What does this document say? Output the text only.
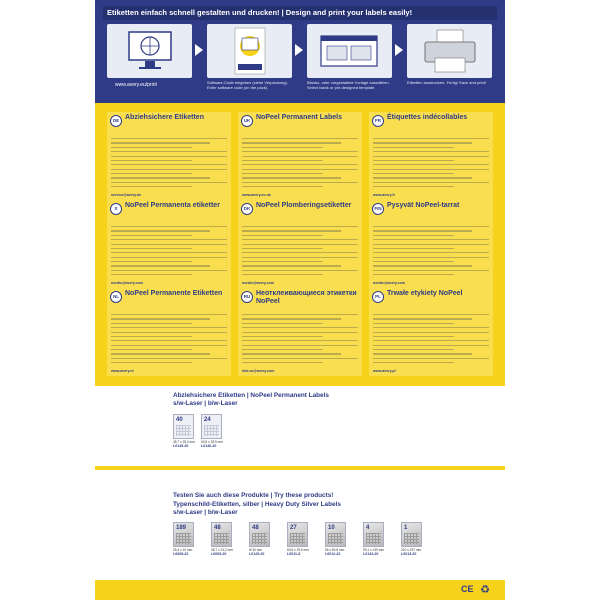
Etiketten einfach schnell gestalten und drucken! | Design and print your labels easily!
www.avery.eu/print	Software-Code eingeben (siehe Verpackung). Enter software code (on the pack).
Blanko- oder vorgestaltete Vorlage auswählen. Select blank or pre-designed template.
Etiketten ausdrucken. Fertig! Save and print!
DE Abziehsichere Etiketten
service@avery.de
UK NoPeel Permanent Labels
www.avery.co.uk
FR Étiquettes indécollables
www.avery.fr
S	NoPeel Permanenta etiketter
nordic@avery.com
DK NoPeel Plomberingsetiketter
nordic@avery.com
FIN Pysyvät NoPeel-tarrat
nordic@avery.com
NL NoPeel Permanente Etiketten
www.avery.nl
RU Неотклеивающиеся этикетки NoPeel
info-ru@avery.com
PL Trwałe etykiety NoPeel
www.avery.pl
Abziehsichere Etiketten | NoPeel Permanent Labels
s/w-Laser | b/w-Laser
40
45,7 x 25,4 mm
L6145-20
24
63,5 x 33,9 mm
L6146-20
Testen Sie auch diese Produkte | Try these products!
Typenschild-Etiketten, silber | Heavy Duty Silver Labels
s/w-Laser | b/w-Laser
189
25,4 x 10 mm
L6008-20
48
45,7 x 21,2 mm
L6009-20
48
Ø 30 mm
L6129-20
27
63,5 x 29,6 mm
L6011-8
10
96 x 50,8 mm
L6012-20
4
99,1 x 139 mm
L6134-20
1
210 x 297 mm
L6013-20
CE ♻
